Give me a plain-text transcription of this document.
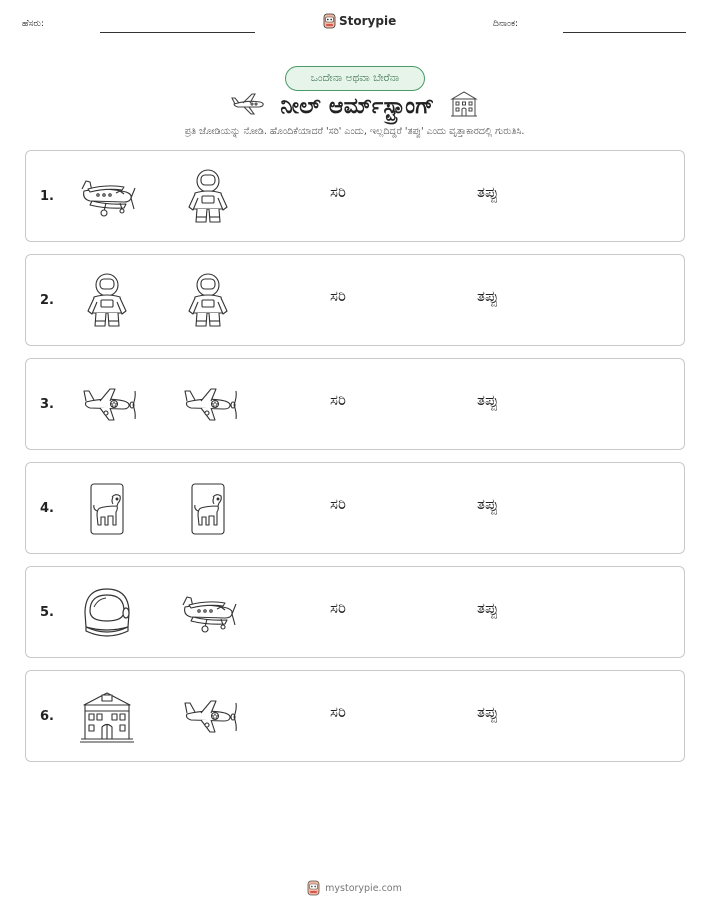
ಹೆಸರು:	Storypie	ದಿನಾಂಕ:
ಒಂದೇನಾ ಅಥವಾ ಬೇರೆನಾ
ನೀಲ್ ಆರ್ಮ್‌ಸ್ಟ್ರಾಂಗ್
ಪ್ರತಿ ಜೋಡಿಯನ್ನು ನೋಡಿ. ಹೊಂದಿಕೆಯಾದರೆ 'ಸರಿ' ಎಂದು, ಇಲ್ಲದಿದ್ದರೆ 'ತಪ್ಪು' ಎಂದು ವೃತ್ತಾಕಾರದಲ್ಲಿ ಗುರುತಿಸಿ.
1.	ಸರಿ	ತಪ್ಪು
2.	ಸರಿ	ತಪ್ಪು
3.	ಸರಿ	ತಪ್ಪು
4.	ಸರಿ	ತಪ್ಪು
5.	ಸರಿ	ತಪ್ಪು
6.	ಸರಿ	ತಪ್ಪು
mystorypie.com
